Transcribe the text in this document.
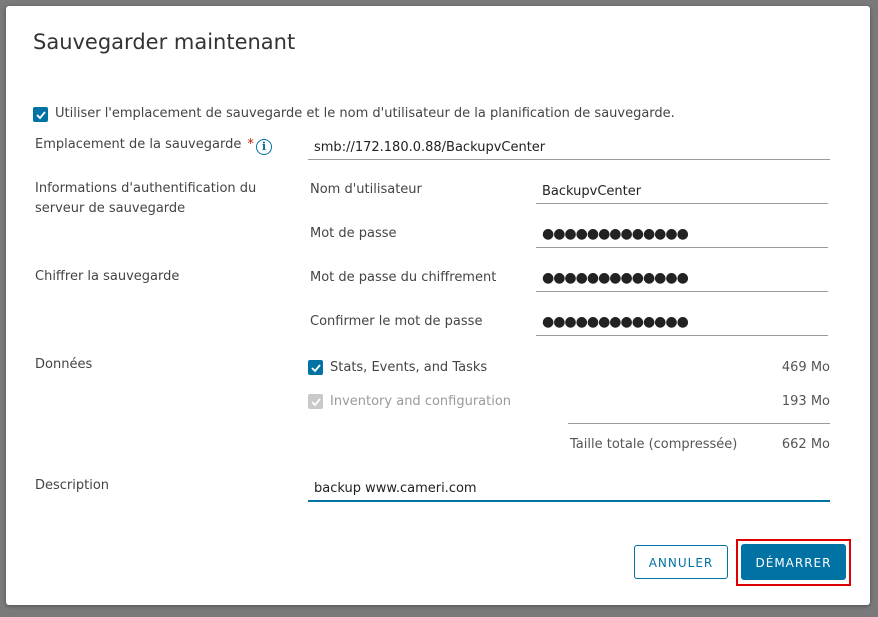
Sauvegarder maintenant
Utiliser l'emplacement de sauvegarde et le nom d'utilisateur de la planification de sauvegarde.
Emplacement de la sauvegarde * i	smb://172.180.0.88/BackupvCenter
Informations d'authentification du
serveur de sauvegarde
Nom d'utilisateur	BackupvCenter
Mot de passe	●●●●●●●●●●●●●
Chiffrer la sauvegarde	Mot de passe du chiffrement	●●●●●●●●●●●●●
Confirmer le mot de passe	●●●●●●●●●●●●●
Données	Stats, Events, and Tasks	469 Mo
Inventory and configuration	193 Mo
Taille totale (compressée)	662 Mo
Description	backup www.cameri.com
ANNULER	DÉMARRER
